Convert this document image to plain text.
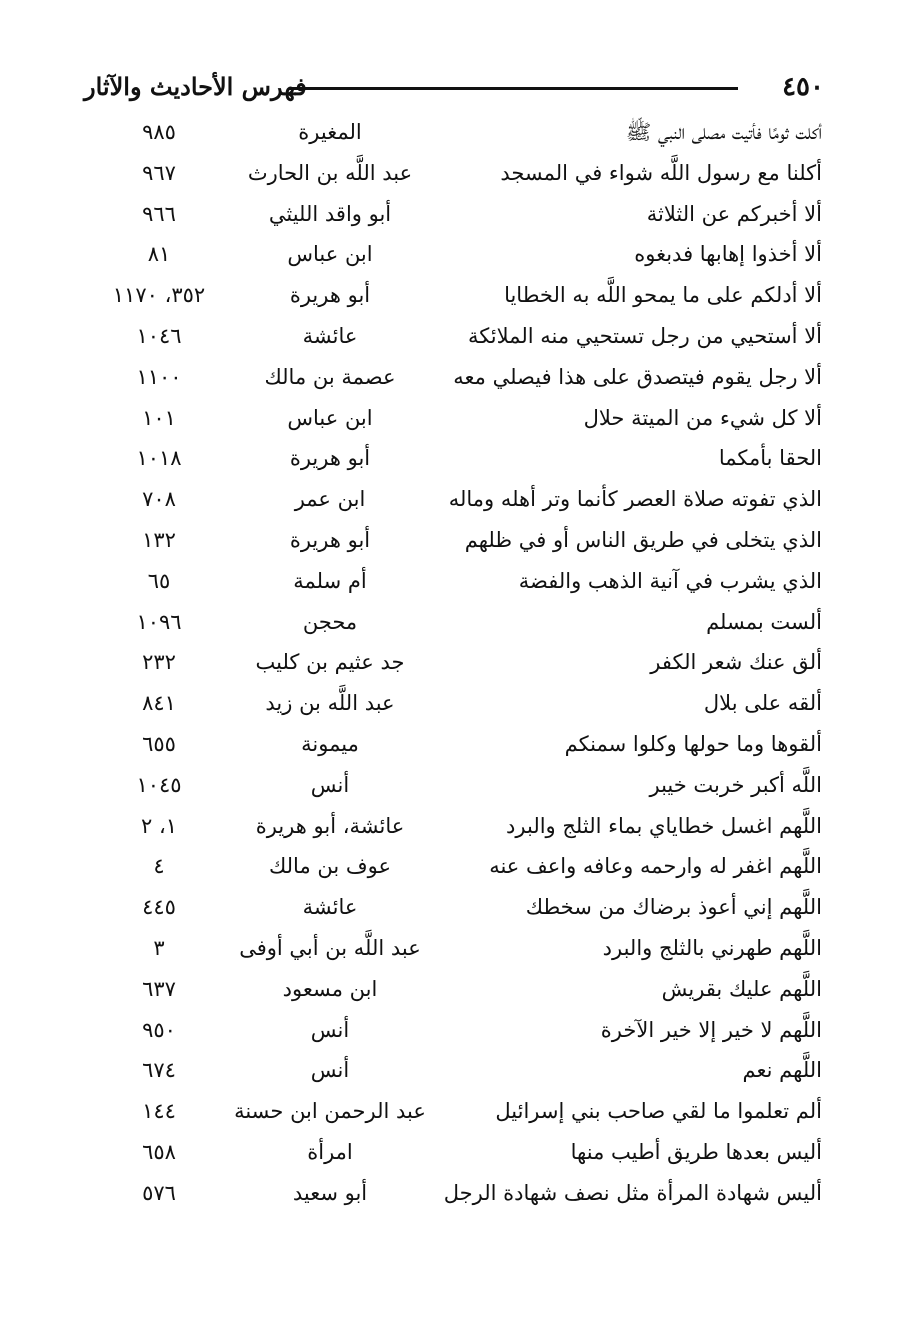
٤٥٠
فهرس الأحاديث والآثار
أكلت ثومًا فأتيت مصلى النبي ﷺ
المغيرة
٩٨٥
أكلنا مع رسول اللَّه شواء في المسجد
عبد اللَّه بن الحارث
٩٦٧
ألا أخبركم عن الثلاثة
أبو واقد الليثي
٩٦٦
ألا أخذوا إهابها فدبغوه
ابن عباس
٨١
ألا أدلكم على ما يمحو اللَّه به الخطايا
أبو هريرة
٣٥٢، ١١٧٠
ألا أستحيي من رجل تستحيي منه الملائكة
عائشة
١٠٤٦
ألا رجل يقوم فيتصدق على هذا فيصلي معه
عصمة بن مالك
١١٠٠
ألا كل شيء من الميتة حلال
ابن عباس
١٠١
الحقا بأمكما
أبو هريرة
١٠١٨
الذي تفوته صلاة العصر كأنما وتر أهله وماله
ابن عمر
٧٠٨
الذي يتخلى في طريق الناس أو في ظلهم
أبو هريرة
١٣٢
الذي يشرب في آنية الذهب والفضة
أم سلمة
٦٥
ألست بمسلم
محجن
١٠٩٦
ألق عنك شعر الكفر
جد عثيم بن كليب
٢٣٢
ألقه على بلال
عبد اللَّه بن زيد
٨٤١
ألقوها وما حولها وكلوا سمنكم
ميمونة
٦٥٥
اللَّه أكبر خربت خيبر
أنس
١٠٤٥
اللَّهم اغسل خطاياي بماء الثلج والبرد
عائشة، أبو هريرة
١، ٢
اللَّهم اغفر له وارحمه وعافه واعف عنه
عوف بن مالك
٤
اللَّهم إني أعوذ برضاك من سخطك
عائشة
٤٤٥
اللَّهم طهرني بالثلج والبرد
عبد اللَّه بن أبي أوفى
٣
اللَّهم عليك بقريش
ابن مسعود
٦٣٧
اللَّهم لا خير إلا خير الآخرة
أنس
٩٥٠
اللَّهم نعم
أنس
٦٧٤
ألم تعلموا ما لقي صاحب بني إسرائيل
عبد الرحمن ابن حسنة
١٤٤
أليس بعدها طريق أطيب منها
امرأة
٦٥٨
أليس شهادة المرأة مثل نصف شهادة الرجل
أبو سعيد
٥٧٦
